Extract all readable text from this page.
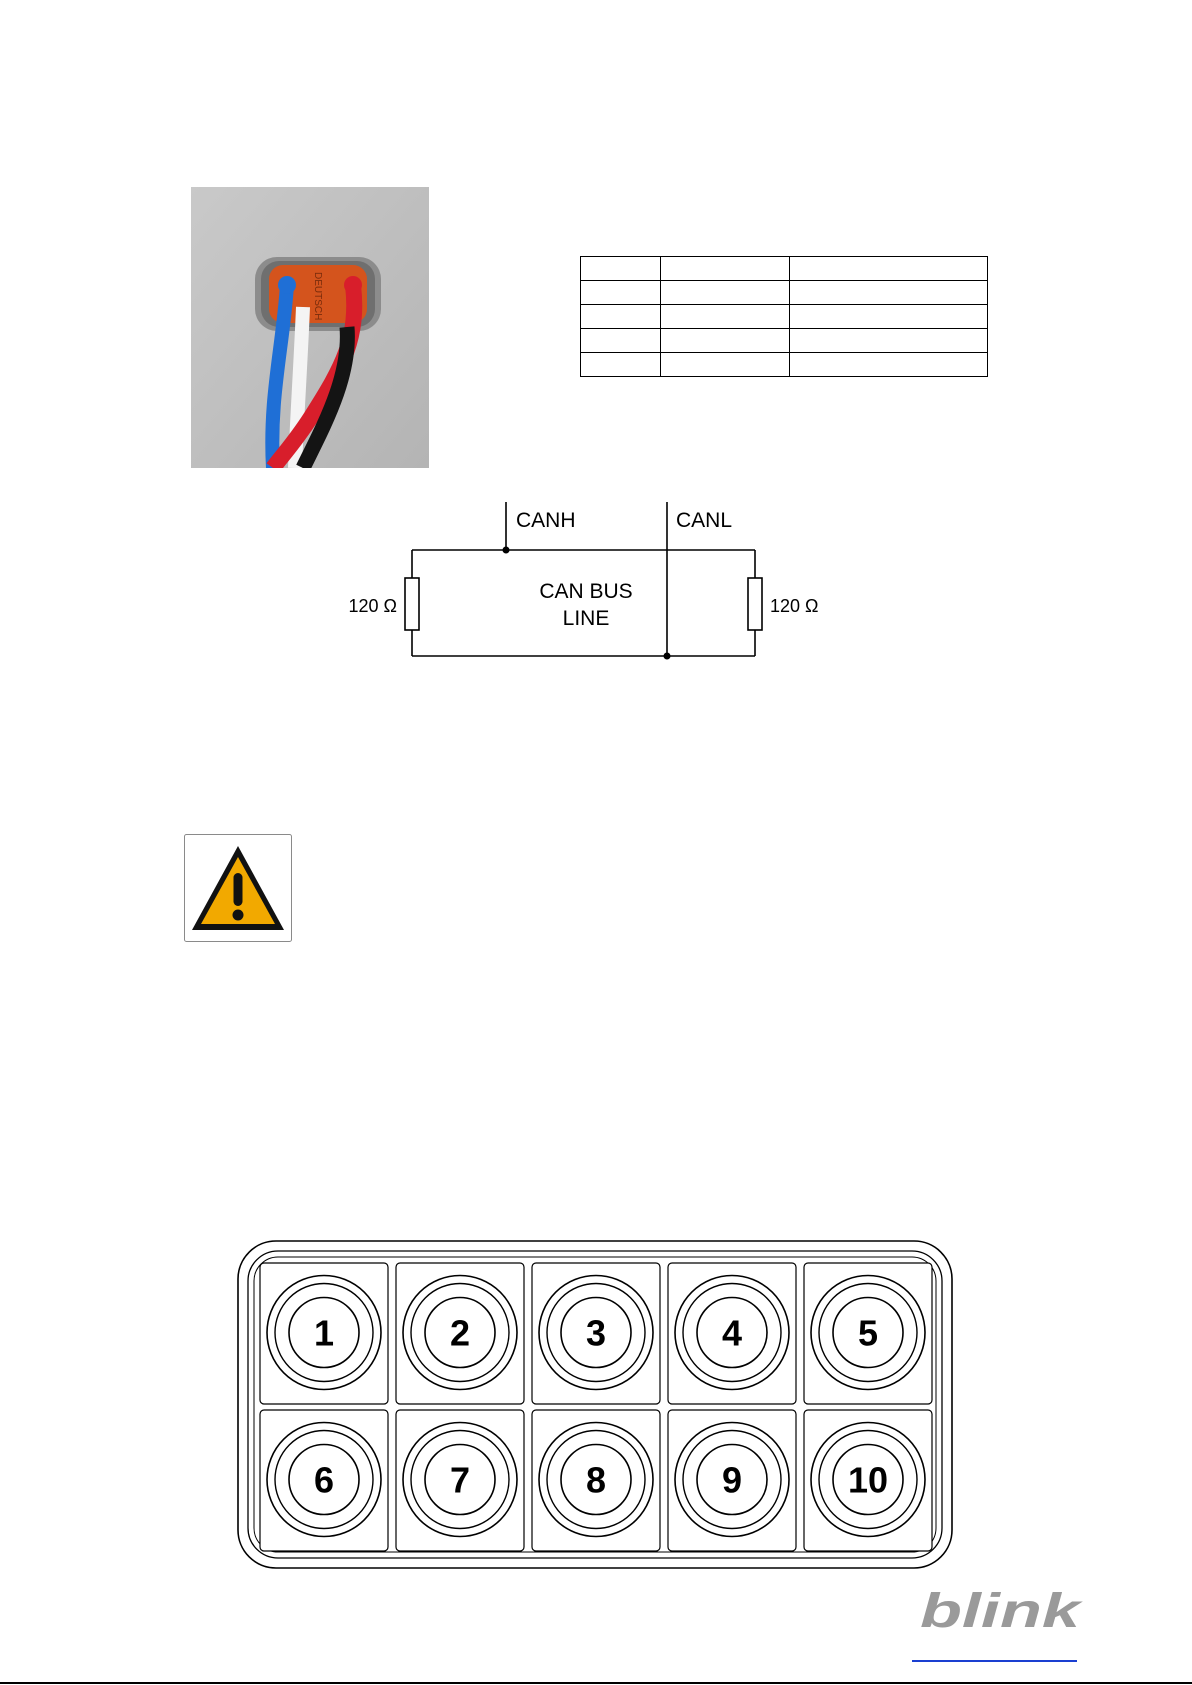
DEUTSCH

CANH	CANL
CAN BUS
LINE
120 Ω	120 Ω
1	2	3	4	5
6	7	8	9	10
blink
